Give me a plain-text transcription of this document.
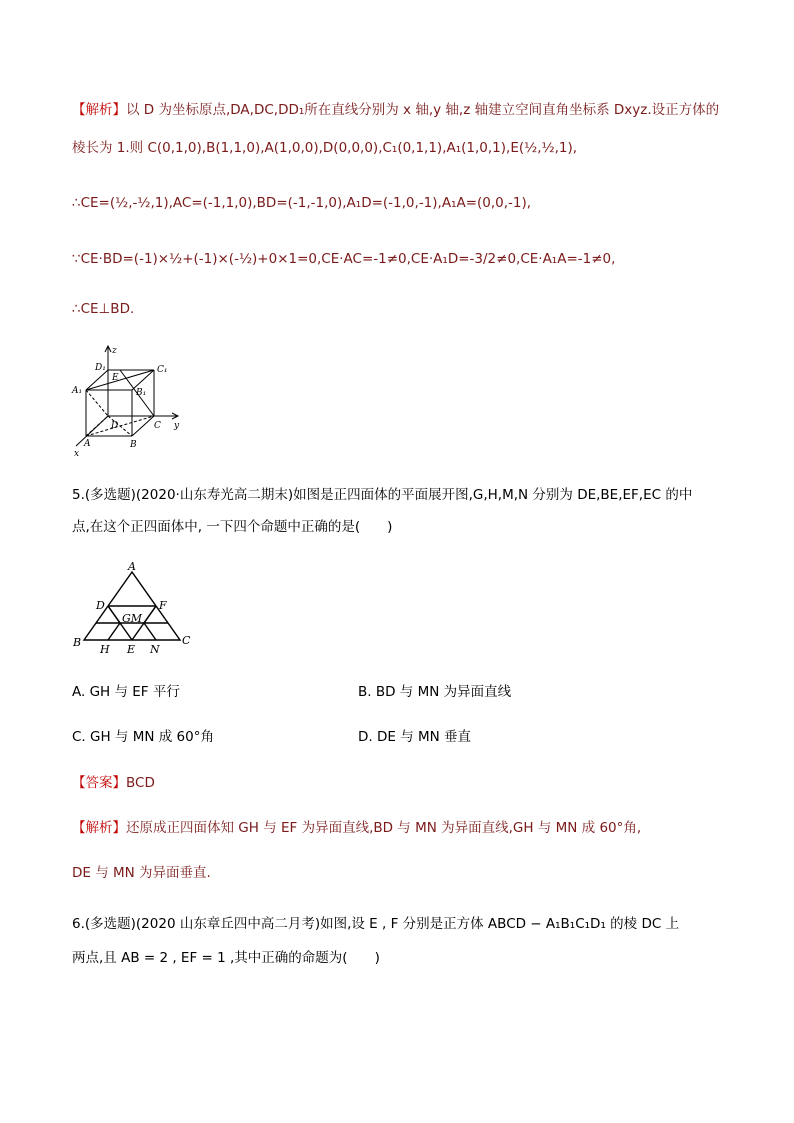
【解析】以 D 为坐标原点,DA,DC,DD₁所在直线分别为 x 轴,y 轴,z 轴建立空间直角坐标系 Dxyz.设正方体的
棱长为 1.则 C(0,1,0),B(1,1,0),A(1,0,0),D(0,0,0),C₁(0,1,1),A₁(1,0,1),E(½,½,1),
∴CE=(½,-½,1),AC=(-1,1,0),BD=(-1,-1,0),A₁D=(-1,0,-1),A₁A=(0,0,-1),
∵CE·BD=(-1)×½+(-1)×(-½)+0×1=0,CE·AC=-1≠0,CE·A₁D=-3/2≠0,CE·A₁A=-1≠0,
∴CE⊥BD.
z
y
x
D₁	C₁
E
B₁
A₁
D	C
A	B
5.(多选题)(2020·山东寿光高二期末)如图是正四面体的平面展开图,G,H,M,N 分别为 DE,BE,EF,EC 的中
点,在这个正四面体中, 一下四个命题中正确的是(　　)
A
D	F
GM
B	C
H E N
A. GH 与 EF 平行	B. BD 与 MN 为异面直线
C. GH 与 MN 成 60°角	D. DE 与 MN 垂直
【答案】BCD
【解析】还原成正四面体知 GH 与 EF 为异面直线,BD 与 MN 为异面直线,GH 与 MN 成 60°角,
DE 与 MN 为异面垂直.
6.(多选题)(2020 山东章丘四中高二月考)如图,设 E , F 分别是正方体 ABCD − A₁B₁C₁D₁ 的棱 DC 上
两点,且 AB = 2 , EF = 1 ,其中正确的命题为(　　)
